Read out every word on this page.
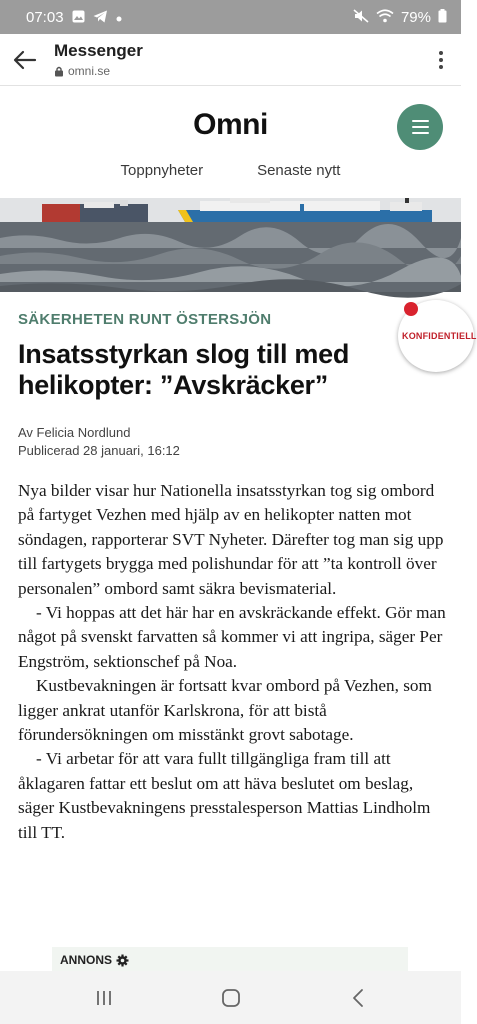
07:03	79%
Messenger
omni.se
Omni
Toppnyheter	Senaste nytt
SÄKERHETEN RUNT ÖSTERSJÖN
KONFIDENTIELL
Insatsstyrkan slog till med helikopter: ”Avskräcker”
Av Felicia Nordlund
Publicerad 28 januari, 16:12

Nya bilder visar hur Nationella insatsstyrkan tog sig ombord på fartyget Vezhen med hjälp av en helikopter natten mot söndagen, rapporterar SVT Nyheter. Därefter tog man sig upp till fartygets brygga med polishundar för att ”ta kontroll över personalen” ombord samt säkra bevismaterial.

- Vi hoppas att det här har en avskräckande effekt. Gör man något på svenskt farvatten så kommer vi att ingripa, säger Per Engström, sektionschef på Noa.

Kustbevakningen är fortsatt kvar ombord på Vezhen, som ligger ankrat utanför Karlskrona, för att bistå förundersökningen om misstänkt grovt sabotage.

- Vi arbetar för att vara fullt tillgängliga fram till att åklagaren fattar ett beslut om att häva beslutet om beslag, säger Kustbevakningens presstalesperson Mattias Lindholm till TT.

ANNONS
